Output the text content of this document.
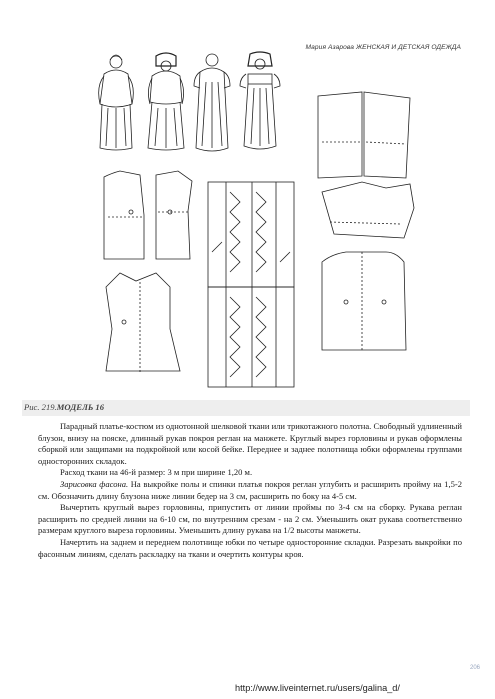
Мария Азарова ЖЕНСКАЯ И ДЕТСКАЯ ОДЕЖДА
Рис. 219.МОДЕЛЬ 16

Парадный платье-костюм из однотонной шелковой ткани или трикотажного полотна. Свободный удлиненный блузон, внизу на пояске, длинный рукав покроя реглан на манжете. Круглый вырез горловины и рукав оформлены сборкой или защипами на подкройной или косой бейке. Переднее и заднее полотнища юбки оформлены группами односторонних складок.

Расход ткани на 46-й размер: 3 м при ширине 1,20 м.

Зарисовка фасона. На выкройке полы и спинки платья покроя реглан углубить и расширить пройму на 1,5-2 см. Обозначить длину блузона ниже линии бедер на 3 см, расширить по боку на 4-5 см.

Вычертить круглый вырез горловины, припустить от линии проймы по 3-4 см на сборку. Рукава реглан расширить по средней линии на 6-10 см, по внутренним срезам - на 2 см. Уменьшить окат рукава соответственно размерам круглого выреза горловины. Уменьшить длину рукава на 1/2 высоты манжеты.

Начертить на заднем и переднем полотнище юбки по четыре односторонние складки. Разрезать выкройки по фасонным линиям, сделать раскладку на ткани и очертить контуры кроя.

206
http://www.liveinternet.ru/users/galina_d/
